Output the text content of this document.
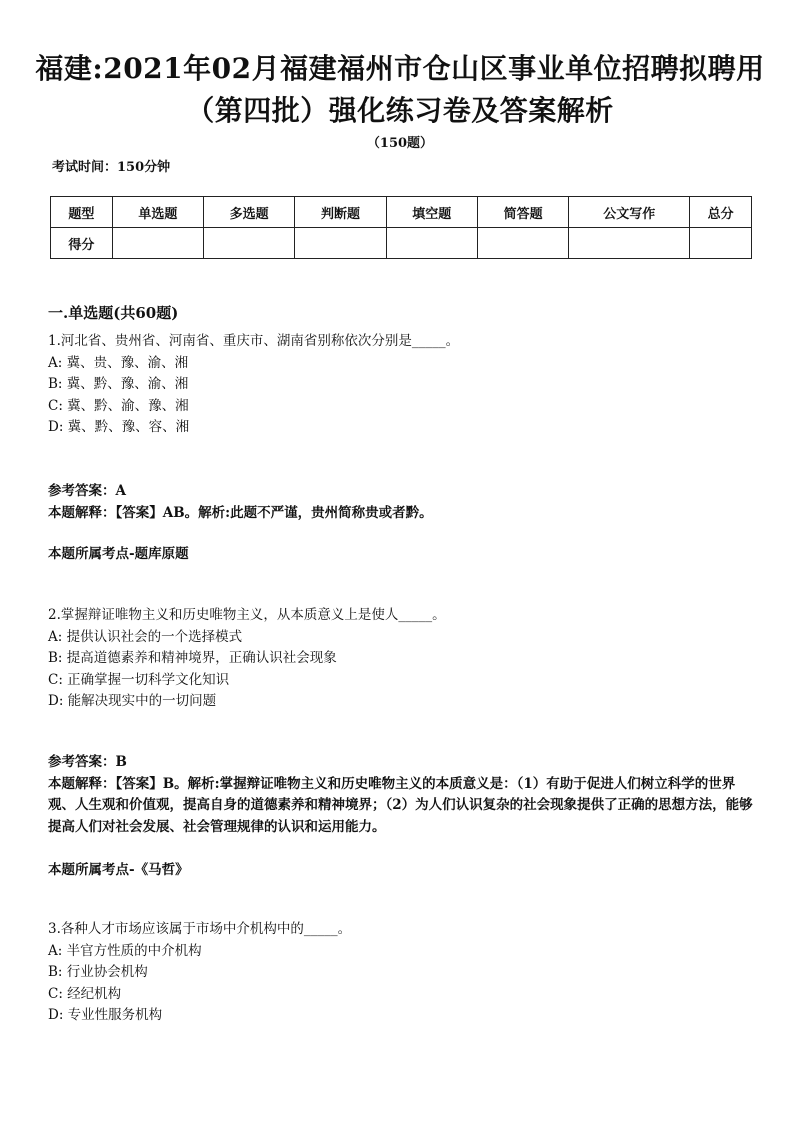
福建:2021年02月福建福州市仓山区事业单位招聘拟聘用（第四批）强化练习卷及答案解析
（150题）
考试时间：150分钟
题型	单选题	多选题	判断题	填空题	简答题	公文写作	总分
得分							
一.单选题(共60题)
1.河北省、贵州省、河南省、重庆市、湖南省别称依次分别是_____。
A: 冀、贵、豫、渝、湘
B: 冀、黔、豫、渝、湘
C: 冀、黔、渝、豫、湘
D: 冀、黔、豫、容、湘
参考答案：A
本题解释：【答案】AB。解析:此题不严谨，贵州简称贵或者黔。
本题所属考点-题库原题
2.掌握辩证唯物主义和历史唯物主义，从本质意义上是使人_____。
A: 提供认识社会的一个选择模式
B: 提高道德素养和精神境界，正确认识社会现象
C: 正确掌握一切科学文化知识
D: 能解决现实中的一切问题
参考答案：B
本题解释：【答案】B。解析:掌握辩证唯物主义和历史唯物主义的本质意义是：（1）有助于促进人们树立科学的世界观、人生观和价值观，提高自身的道德素养和精神境界；（2）为人们认识复杂的社会现象提供了正确的思想方法，能够提高人们对社会发展、社会管理规律的认识和运用能力。
本题所属考点-《马哲》
3.各种人才市场应该属于市场中介机构中的_____。
A: 半官方性质的中介机构
B: 行业协会机构
C: 经纪机构
D: 专业性服务机构
